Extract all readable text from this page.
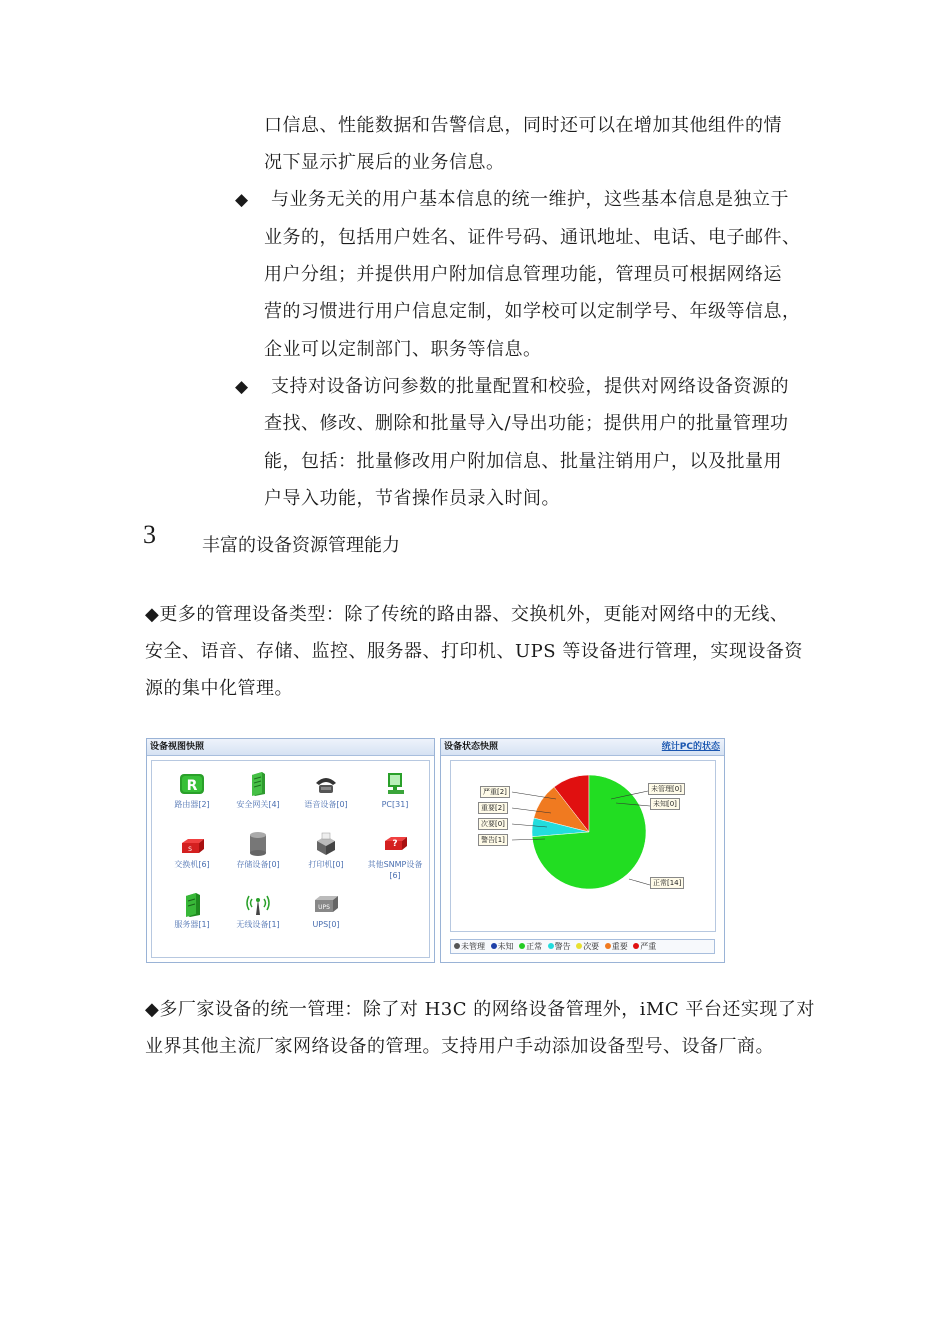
口信息、性能数据和告警信息，同时还可以在增加其他组件的情
况下显示扩展后的业务信息。
◆ 与业务无关的用户基本信息的统一维护，这些基本信息是独立于
业务的，包括用户姓名、证件号码、通讯地址、电话、电子邮件、
用户分组；并提供用户附加信息管理功能，管理员可根据网络运
营的习惯进行用户信息定制，如学校可以定制学号、年级等信息，
企业可以定制部门、职务等信息。
◆ 支持对设备访问参数的批量配置和校验，提供对网络设备资源的
查找、修改、删除和批量导入/导出功能；提供用户的批量管理功
能，包括：批量修改用户附加信息、批量注销用户，以及批量用
户导入功能，节省操作员录入时间。
3	丰富的设备资源管理能力
◆更多的管理设备类型：除了传统的路由器、交换机外，更能对网络中的无线、
安全、语音、存储、监控、服务器、打印机、UPS 等设备进行管理，实现设备资
源的集中化管理。
设备视图快照
R
路由器[2]	安全网关[4]	语音设备[0]	PC[31]
S
交换机[6]	存储设备[0]	打印机[0]
?
其他SNMP设备[6]
服务器[1]	无线设备[1]
UPS
UPS[0]
设备状态快照	统计PC的状态
严重[2]
重要[2]
次要[0]
警告[1]
未管理[0]
未知[0]
正常[14]
未管理 未知 正常 警告 次要 重要 严重
◆多厂家设备的统一管理：除了对 H3C 的网络设备管理外，iMC 平台还实现了对
业界其他主流厂家网络设备的管理。支持用户手动添加设备型号、设备厂商。
